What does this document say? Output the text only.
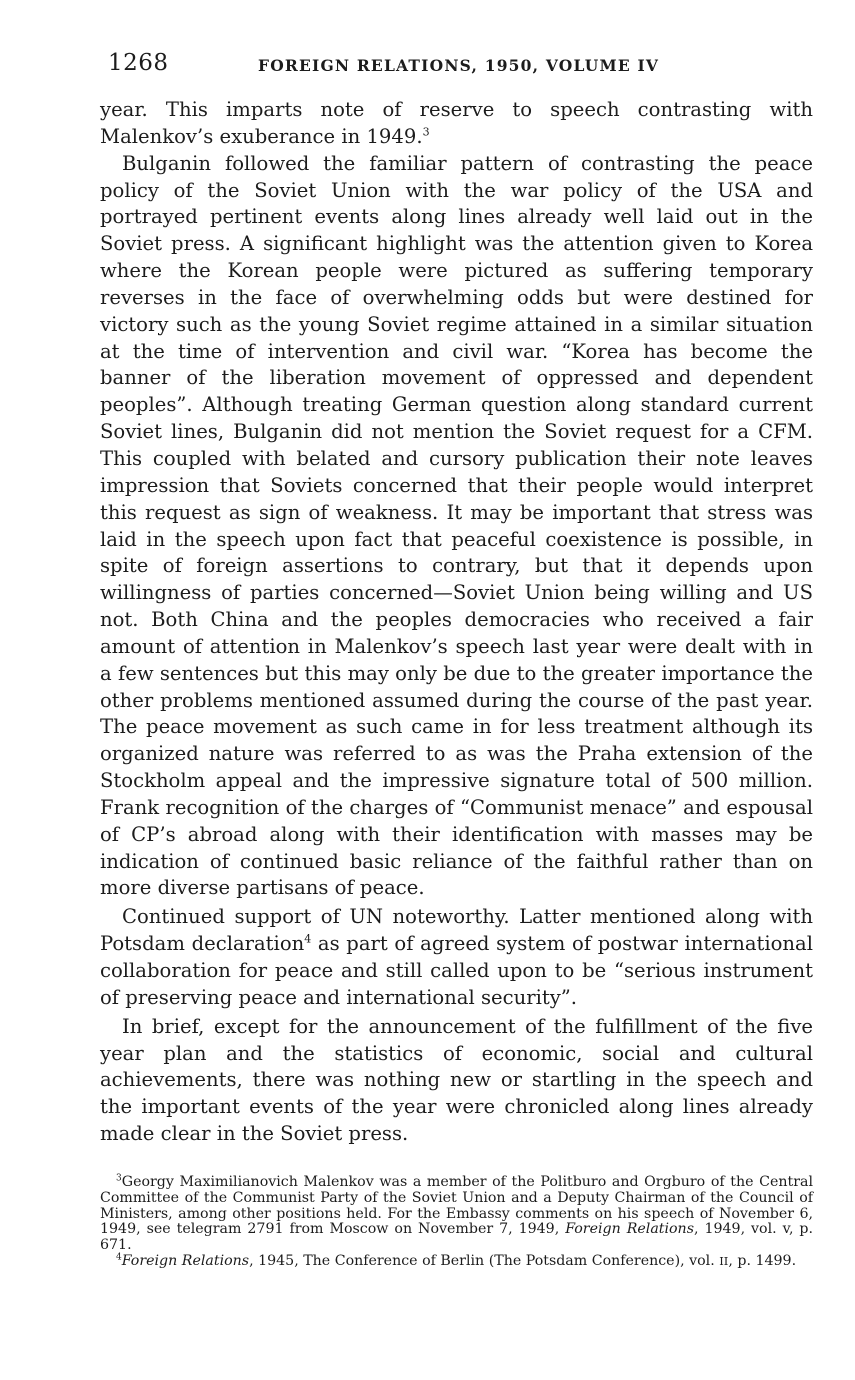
1268	FOREIGN RELATIONS, 1950, VOLUME IV

year. This imparts note of reserve to speech contrasting with Malenkov’s exuberance in 1949.$^3$

Bulganin followed the familiar pattern of contrasting the peace policy of the Soviet Union with the war policy of the USA and portrayed pertinent events along lines already well laid out in the Soviet press. A significant highlight was the attention given to Korea where the Korean people were pictured as suffering temporary reverses in the face of overwhelming odds but were destined for victory such as the young Soviet regime attained in a similar situation at the time of intervention and civil war. “Korea has become the banner of the liberation movement of oppressed and dependent peoples”. Although treating German question along standard current Soviet lines, Bulganin did not mention the Soviet request for a CFM. This coupled with belated and cursory publication their note leaves impression that Soviets concerned that their people would interpret this request as sign of weakness. It may be important that stress was laid in the speech upon fact that peaceful coexistence is possible, in spite of foreign assertions to contrary, but that it depends upon willingness of parties concerned—Soviet Union being willing and US not. Both China and the peoples democracies who received a fair amount of attention in Malenkov’s speech last year were dealt with in a few sentences but this may only be due to the greater importance the other problems mentioned assumed during the course of the past year. The peace movement as such came in for less treatment although its organized nature was referred to as was the Praha extension of the Stockholm appeal and the impressive signature total of 500 million. Frank recognition of the charges of “Communist menace” and espousal of CP’s abroad along with their identification with masses may be indication of continued basic reliance of the faithful rather than on more diverse partisans of peace.

Continued support of UN noteworthy. Latter mentioned along with Potsdam declaration$^4$ as part of agreed system of postwar international collaboration for peace and still called upon to be “serious instrument of preserving peace and international security”.

In brief, except for the announcement of the fulfillment of the five year plan and the statistics of economic, social and cultural achievements, there was nothing new or startling in the speech and the important events of the year were chronicled along lines already made clear in the Soviet press.

$^3$Georgy Maximilianovich Malenkov was a member of the Politburo and Orgburo of the Central Committee of the Communist Party of the Soviet Union and a Deputy Chairman of the Council of Ministers, among other positions held. For the Embassy comments on his speech of November 6, 1949, see telegram 2791 from Moscow on November 7, 1949, Foreign Relations, 1949, vol. v, p. 671.

$^4$Foreign Relations, 1945, The Conference of Berlin (The Potsdam Conference), vol. II, p. 1499.
